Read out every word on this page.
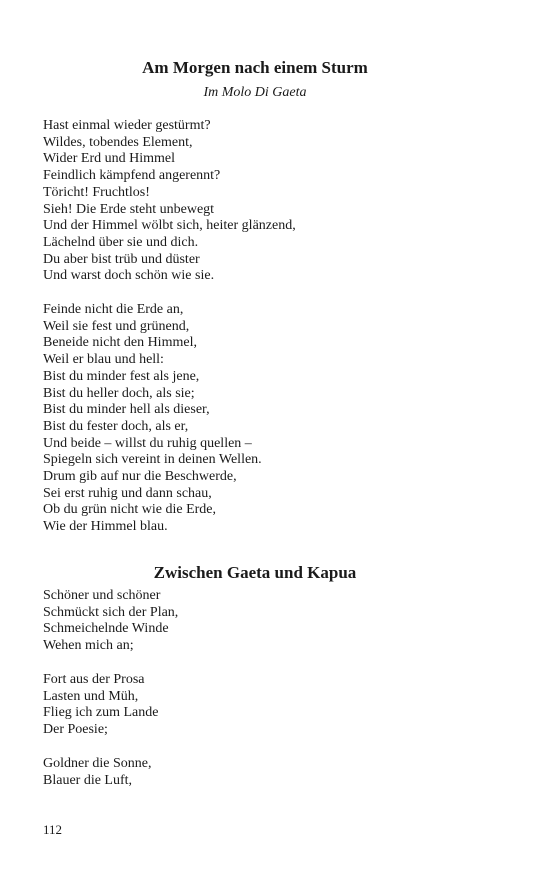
Am Morgen nach einem Sturm

Im Molo Di Gaeta

Hast einmal wieder gestürmt?
Wildes, tobendes Element,
Wider Erd und Himmel
Feindlich kämpfend angerennt?
Töricht! Fruchtlos!
Sieh! Die Erde steht unbewegt
Und der Himmel wölbt sich, heiter glänzend,
Lächelnd über sie und dich.
Du aber bist trüb und düster
Und warst doch schön wie sie.

Feinde nicht die Erde an,
Weil sie fest und grünend,
Beneide nicht den Himmel,
Weil er blau und hell:
Bist du minder fest als jene,
Bist du heller doch, als sie;
Bist du minder hell als dieser,
Bist du fester doch, als er,
Und beide – willst du ruhig quellen –
Spiegeln sich vereint in deinen Wellen.
Drum gib auf nur die Beschwerde,
Sei erst ruhig und dann schau,
Ob du grün nicht wie die Erde,
Wie der Himmel blau.

Zwischen Gaeta und Kapua

Schöner und schöner
Schmückt sich der Plan,
Schmeichelnde Winde
Wehen mich an;

Fort aus der Prosa
Lasten und Müh,
Flieg ich zum Lande
Der Poesie;

Goldner die Sonne,
Blauer die Luft,

112
